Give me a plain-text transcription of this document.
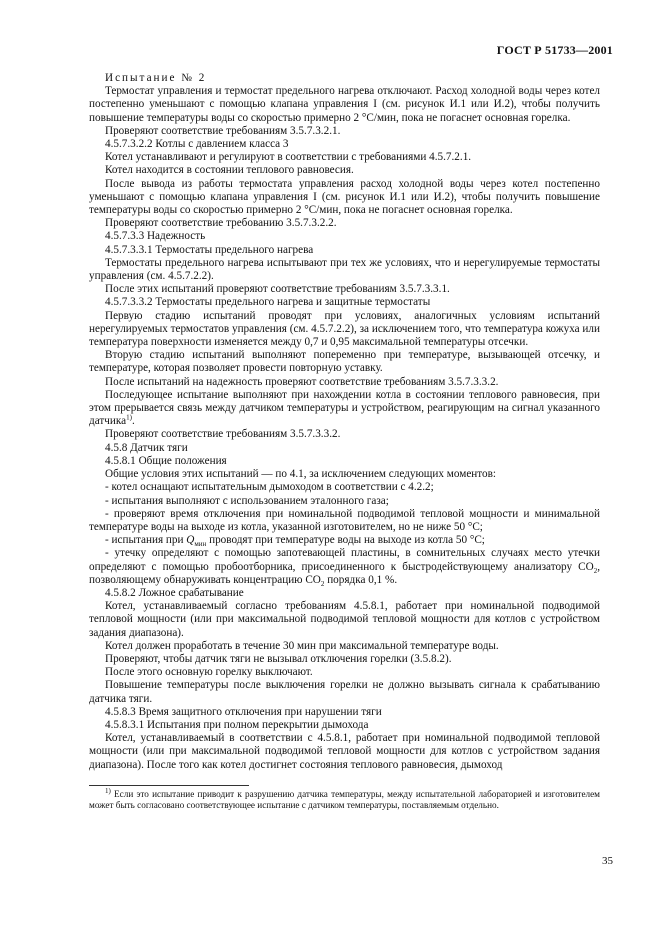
ГОСТ Р 51733—2001

Испытание № 2

Термостат управления и термостат предельного нагрева отключают. Расход холодной воды через котел постепенно уменьшают с помощью клапана управления I (см. рисунок И.1 или И.2), чтобы получить повышение температуры воды со скоростью примерно 2 °С/мин, пока не погаснет основная горелка.

Проверяют соответствие требованиям 3.5.7.3.2.1.

4.5.7.3.2.2 Котлы с давлением класса 3

Котел устанавливают и регулируют в соответствии с требованиями 4.5.7.2.1.

Котел находится в состоянии теплового равновесия.

После вывода из работы термостата управления расход холодной воды через котел постепенно уменьшают с помощью клапана управления I (см. рисунок И.1 или И.2), чтобы получить повышение температуры воды со скоростью примерно 2 °С/мин, пока не погаснет основная горелка.

Проверяют соответствие требованию 3.5.7.3.2.2.

4.5.7.3.3 Надежность

4.5.7.3.3.1 Термостаты предельного нагрева

Термостаты предельного нагрева испытывают при тех же условиях, что и нерегулируемые термостаты управления (см. 4.5.7.2.2).

После этих испытаний проверяют соответствие требованиям 3.5.7.3.3.1.

4.5.7.3.3.2 Термостаты предельного нагрева и защитные термостаты

Первую стадию испытаний проводят при условиях, аналогичных условиям испытаний нерегулируемых термостатов управления (см. 4.5.7.2.2), за исключением того, что температура кожуха или температура поверхности изменяется между 0,7 и 0,95 максимальной температуры отсечки.

Вторую стадию испытаний выполняют попеременно при температуре, вызывающей отсечку, и температуре, которая позволяет провести повторную уставку.

После испытаний на надежность проверяют соответствие требованиям 3.5.7.3.3.2.

Последующее испытание выполняют при нахождении котла в состоянии теплового равновесия, при этом прерывается связь между датчиком температуры и устройством, реагирующим на сигнал указанного датчика$^{1)}$.

Проверяют соответствие требованиям 3.5.7.3.3.2.

4.5.8 Датчик тяги

4.5.8.1 Общие положения

Общие условия этих испытаний — по 4.1, за исключением следующих моментов:

- котел оснащают испытательным дымоходом в соответствии с 4.2.2;

- испытания выполняют с использованием эталонного газа;

- проверяют время отключения при номинальной подводимой тепловой мощности и минимальной температуре воды на выходе из котла, указанной изготовителем, но не ниже 50 °С;

- испытания при $Q_{мин}$ проводят при температуре воды на выходе из котла 50 °С;

- утечку определяют с помощью запотевающей пластины, в сомнительных случаях место утечки определяют с помощью пробоотборника, присоединенного к быстродействующему анализатору $CO_2$, позволяющему обнаруживать концентрацию $CO_2$ порядка 0,1 %.

4.5.8.2 Ложное срабатывание

Котел, устанавливаемый согласно требованиям 4.5.8.1, работает при номинальной подводимой тепловой мощности (или при максимальной подводимой тепловой мощности для котлов с устройством задания диапазона).

Котел должен проработать в течение 30 мин при максимальной температуре воды.

Проверяют, чтобы датчик тяги не вызывал отключения горелки (3.5.8.2).

После этого основную горелку выключают.

Повышение температуры после выключения горелки не должно вызывать сигнала к срабатыванию датчика тяги.

4.5.8.3 Время защитного отключения при нарушении тяги

4.5.8.3.1 Испытания при полном перекрытии дымохода

Котел, устанавливаемый в соответствии с 4.5.8.1, работает при номинальной подводимой тепловой мощности (или при максимальной подводимой тепловой мощности для котлов с устройством задания диапазона). После того как котел достигнет состояния теплового равновесия, дымоход

$^{1)}$ Если это испытание приводит к разрушению датчика температуры, между испытательной лабораторией и изготовителем может быть согласовано соответствующее испытание с датчиком температуры, поставляемым отдельно.

35
